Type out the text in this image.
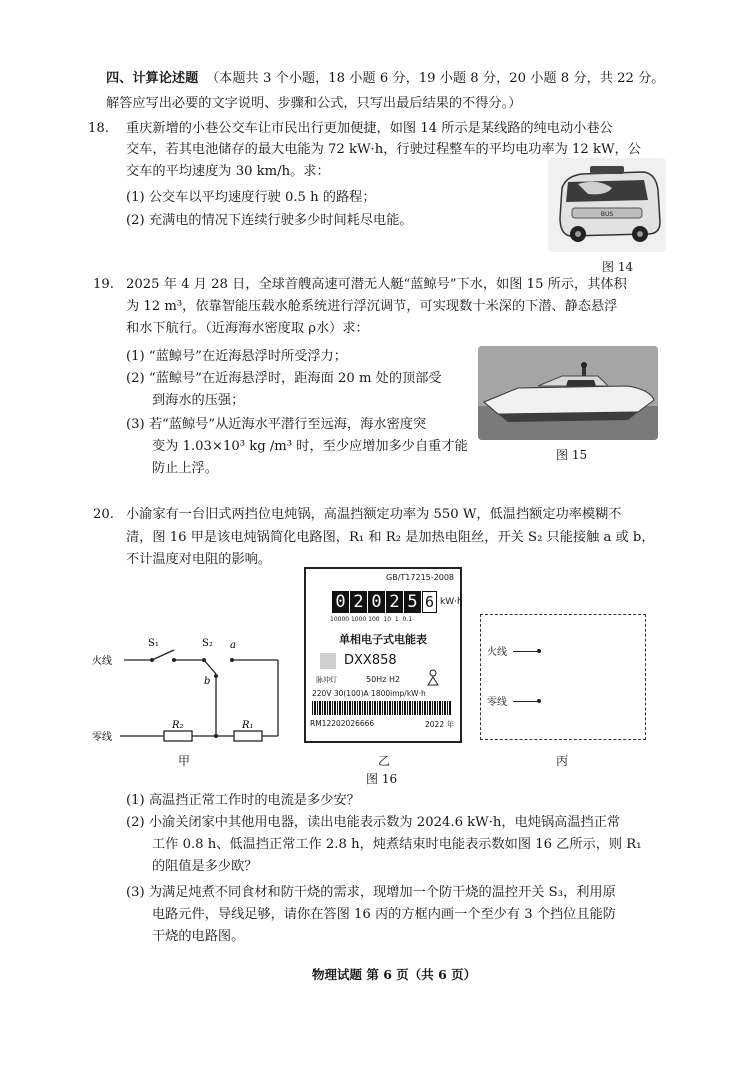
四、计算论述题 （本题共 3 个小题，18 小题 6 分，19 小题 8 分，20 小题 8 分，共 22 分。
解答应写出必要的文字说明、步骤和公式，只写出最后结果的不得分。）
18. 重庆新增的小巷公交车让市民出行更加便捷，如图 14 所示是某线路的纯电动小巷公
交车，若其电池储存的最大电能为 72 kW·h，行驶过程整车的平均电功率为 12 kW，公
交车的平均速度为 30 km/h。求：
(1) 公交车以平均速度行驶 0.5 h 的路程；
(2) 充满电的情况下连续行驶多少时间耗尽电能。	BUS
图 14
19. 2025 年 4 月 28 日，全球首艘高速可潜无人艇“蓝鲸号”下水，如图 15 所示，其体积
为 12 m³，依靠智能压载水舱系统进行浮沉调节，可实现数十米深的下潜、静态悬浮
和水下航行。（近海海水密度取 ρ水）求：
(1) “蓝鲸号”在近海悬浮时所受浮力；
(2) “蓝鲸号”在近海悬浮时，距海面 20 m 处的顶部受
到海水的压强；
(3) 若“蓝鲸号”从近海水平潜行至远海，海水密度突
变为 1.03×10³ kg /m³ 时，至少应增加多少自重才能
防止上浮。
图 15
20. 小渝家有一台旧式两挡位电炖锅，高温挡额定功率为 550 W，低温挡额定功率模糊不
清，图 16 甲是该电炖锅简化电路图，R₁ 和 R₂ 是加热电阻丝，开关 S₂ 只能接触 a 或 b，
不计温度对电阻的影响。
火线
零线
S₁	S₂ a
b
R₂	R₁
甲
GB/T17215-2008
0 2 0 2 5 6 kW·h
10000 1000 100  10  1  0.1
单相电子式电能表
DXX858
脉冲灯	50Hz H2
220V 30(100)A 1800imp/kW·h
RM12202026666	2022 年
乙
火线
零线
丙
图 16
(1) 高温挡正常工作时的电流是多少安？
(2) 小渝关闭家中其他用电器，读出电能表示数为 2024.6 kW·h，电炖锅高温挡正常
工作 0.8 h、低温挡正常工作 2.8 h，炖煮结束时电能表示数如图 16 乙所示，则 R₁
的阻值是多少欧？
(3) 为满足炖煮不同食材和防干烧的需求，现增加一个防干烧的温控开关 S₃，利用原
电路元件，导线足够，请你在答图 16 丙的方框内画一个至少有 3 个挡位且能防
干烧的电路图。
物理试题 第 6 页（共 6 页）
